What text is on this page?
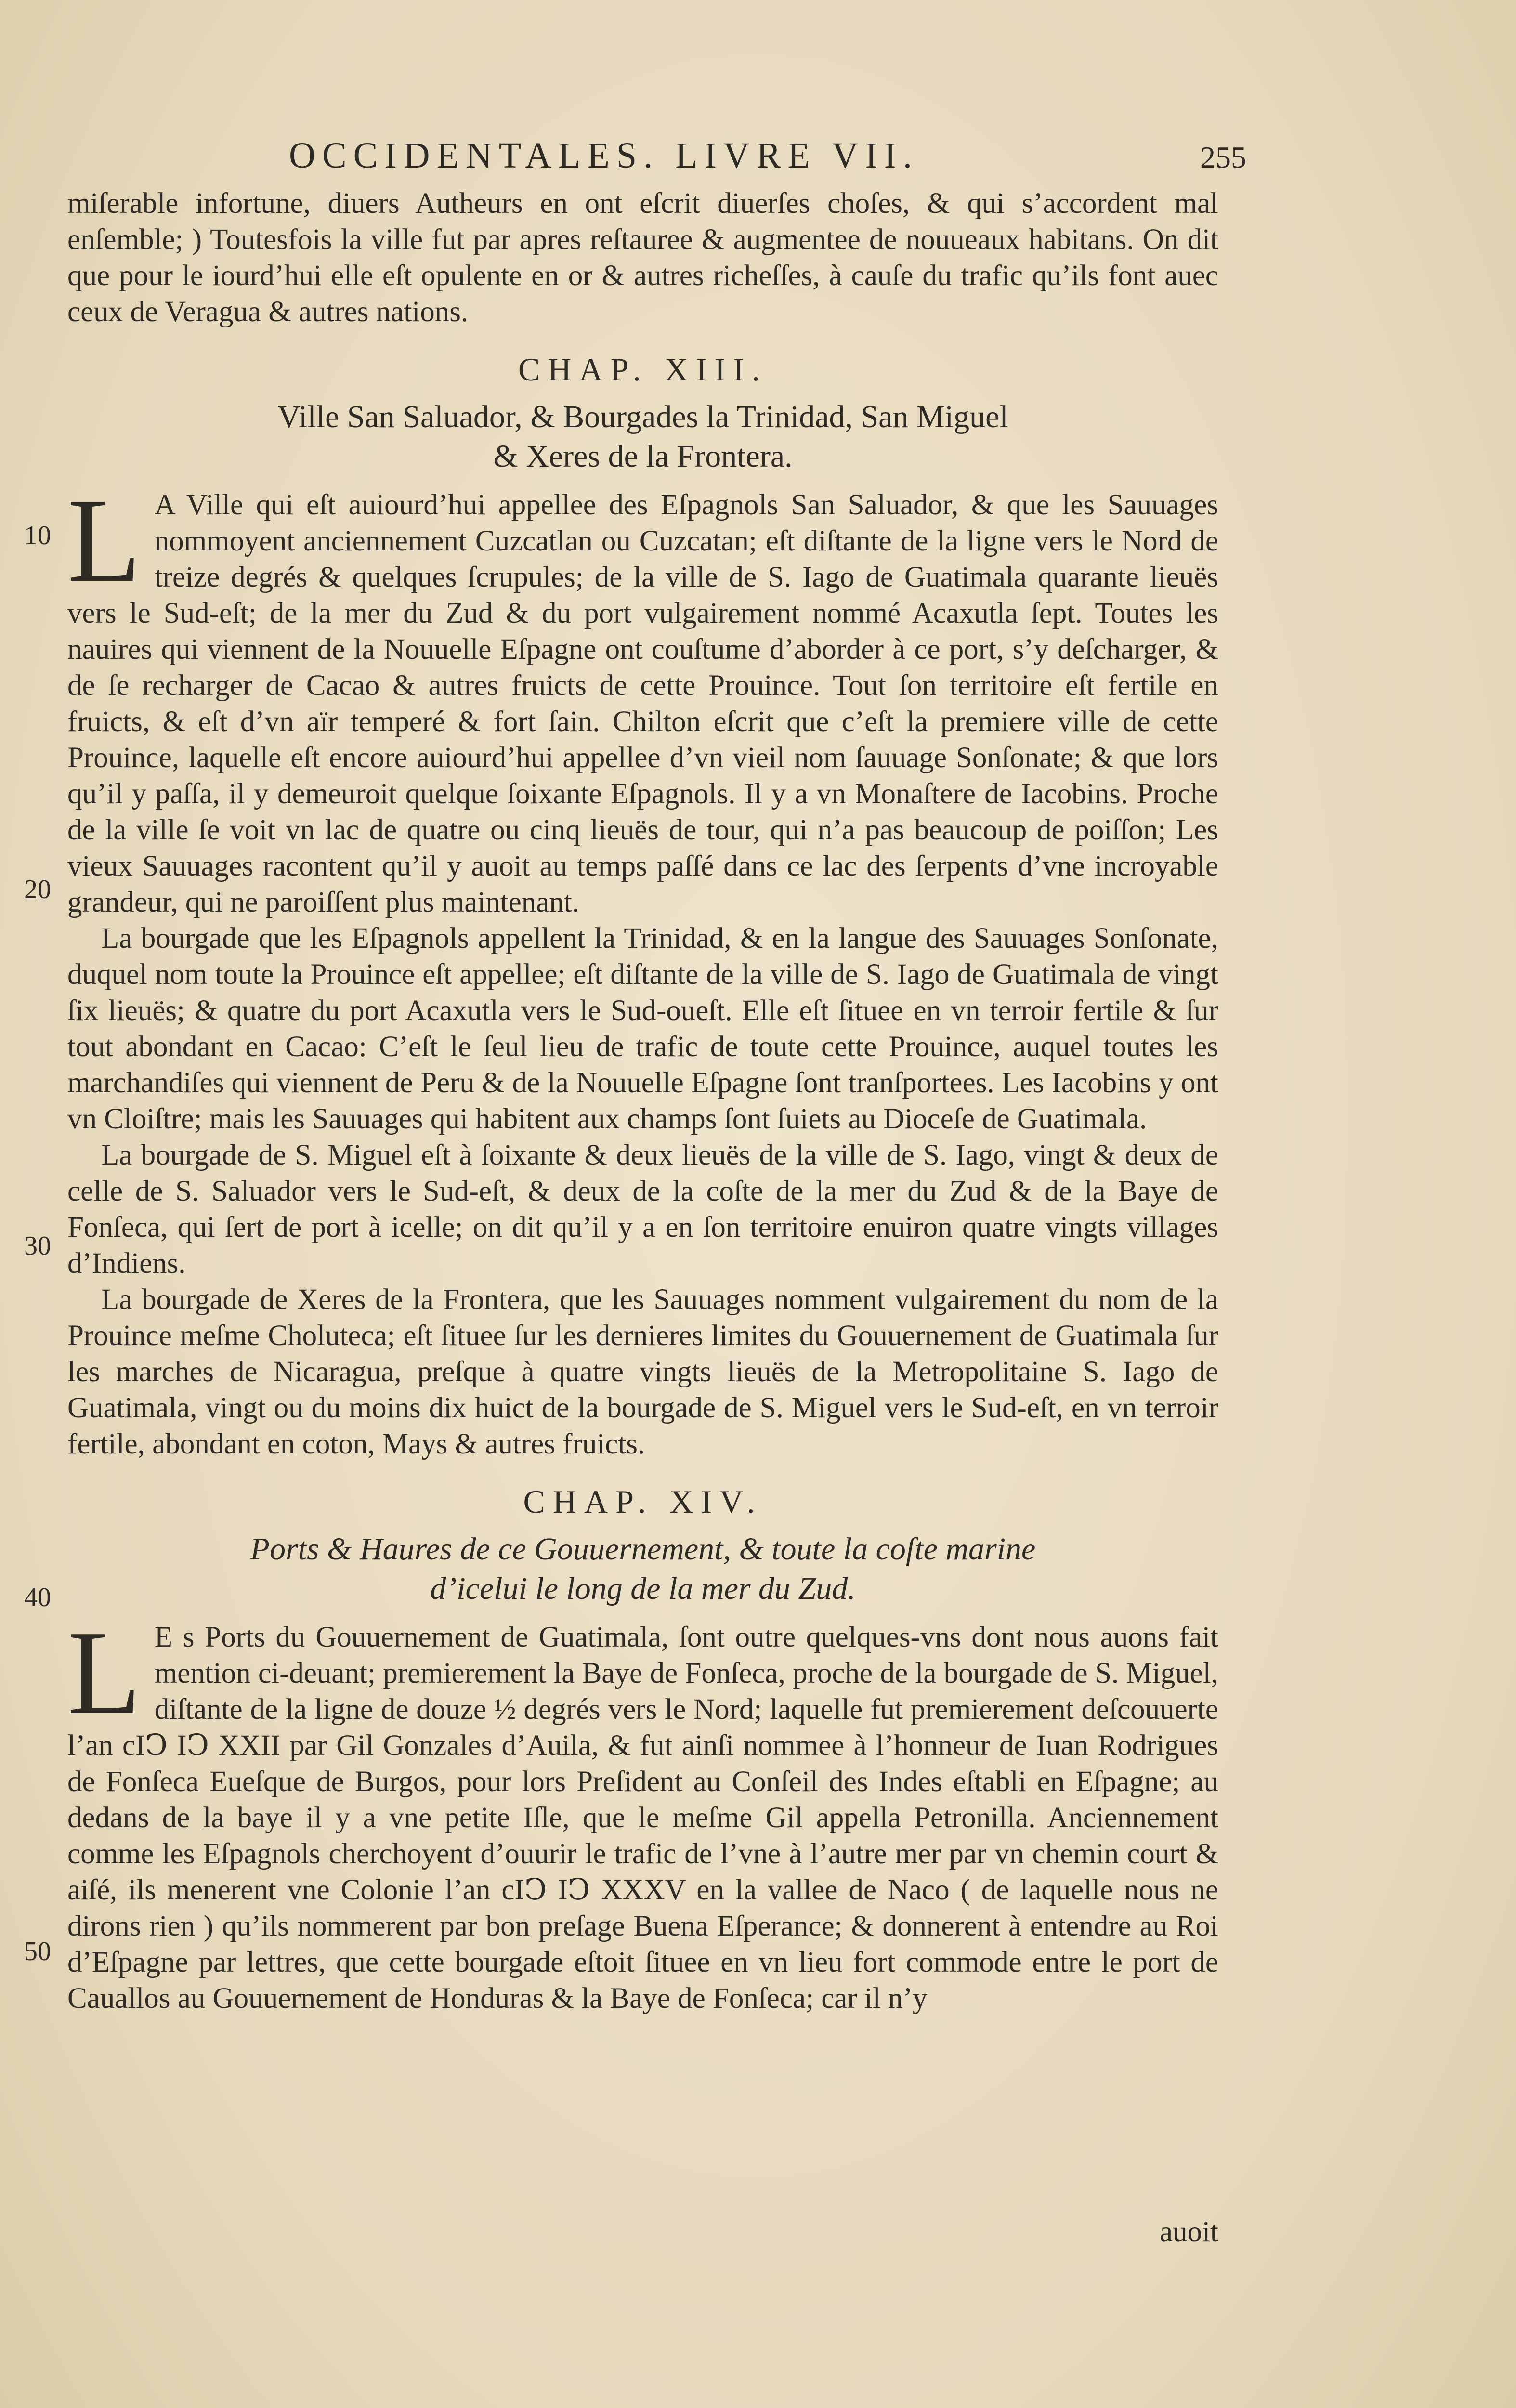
OCCIDENTALES. LIVRE VII.	255
10
20
30
40
50

miſerable infortune, diuers Autheurs en ont eſcrit diuerſes choſes, & qui s’accordent mal enſemble; ) Toutesfois la ville fut par apres reſtauree & augmentee de nouueaux habitans. On dit que pour le iourd’hui elle eſt opulente en or & autres richeſſes, à cauſe du trafic qu’ils font auec ceux de Veragua & autres nations.

CHAP. XIII.
Ville San Saluador, & Bourgades la Trinidad, San Miguel
& Xeres de la Frontera.
L A Ville qui eſt auiourd’hui appellee des Eſpagnols San Saluador, & que les Sauuages nommoyent anciennement Cuzcatlan ou Cuzcatan; eſt diſtante de la ligne vers le Nord de treize degrés & quelques ſcrupules; de la ville de S. Iago de Guatimala quarante lieuës vers le Sud-eſt; de la mer du Zud & du port vulgairement nommé Acaxutla ſept. Toutes les nauires qui viennent de la Nouuelle Eſpagne ont couſtume d’aborder à ce port, s’y deſcharger, & de ſe recharger de Cacao & autres fruicts de cette Prouince. Tout ſon territoire eſt fertile en fruicts, & eſt d’vn aïr temperé & fort ſain. Chilton eſcrit que c’eſt la premiere ville de cette Prouince, laquelle eſt encore auiourd’hui appellee d’vn vieil nom ſauuage Sonſonate; & que lors qu’il y paſſa, il y demeuroit quelque ſoixante Eſpagnols. Il y a vn Monaſtere de Iacobins. Proche de la ville ſe voit vn lac de quatre ou cinq lieuës de tour, qui n’a pas beaucoup de poiſſon; Les vieux Sauuages racontent qu’il y auoit au temps paſſé dans ce lac des ſerpents d’vne incroyable grandeur, qui ne paroiſſent plus maintenant.

La bourgade que les Eſpagnols appellent la Trinidad, & en la langue des Sauuages Sonſonate, duquel nom toute la Prouince eſt appellee; eſt diſtante de la ville de S. Iago de Guatimala de vingt ſix lieuës; & quatre du port Acaxutla vers le Sud-oueſt. Elle eſt ſituee en vn terroir fertile & ſur tout abondant en Cacao: C’eſt le ſeul lieu de trafic de toute cette Prouince, auquel toutes les marchandiſes qui viennent de Peru & de la Nouuelle Eſpagne ſont tranſportees. Les Iacobins y ont vn Cloiſtre; mais les Sauuages qui habitent aux champs ſont ſuiets au Dioceſe de Guatimala.

La bourgade de S. Miguel eſt à ſoixante & deux lieuës de la ville de S. Iago, vingt & deux de celle de S. Saluador vers le Sud-eſt, & deux de la coſte de la mer du Zud & de la Baye de Fonſeca, qui ſert de port à icelle; on dit qu’il y a en ſon territoire enuiron quatre vingts villages d’Indiens.

La bourgade de Xeres de la Frontera, que les Sauuages nomment vulgairement du nom de la Prouince meſme Choluteca; eſt ſituee ſur les dernieres limites du Gouuernement de Guatimala ſur les marches de Nicaragua, preſque à quatre vingts lieuës de la Metropolitaine S. Iago de Guatimala, vingt ou du moins dix huict de la bourgade de S. Miguel vers le Sud-eſt, en vn terroir fertile, abondant en coton, Mays & autres fruicts.

CHAP. XIV.
Ports & Haures de ce Gouuernement, & toute la coſte marine
d’icelui le long de la mer du Zud.
L E s Ports du Gouuernement de Guatimala, ſont outre quelques-vns dont nous auons fait mention ci-deuant; premierement la Baye de Fonſeca, proche de la bourgade de S. Miguel, diſtante de la ligne de douze ½ degrés vers le Nord; laquelle fut premierement deſcouuerte l’an cIↃ IↃ XXII par Gil Gonzales d’Auila, & fut ainſi nommee à l’honneur de Iuan Rodrigues de Fonſeca Eueſque de Burgos, pour lors Preſident au Conſeil des Indes eſtabli en Eſpagne; au dedans de la baye il y a vne petite Iſle, que le meſme Gil appella Petronilla. Anciennement comme les Eſpagnols cherchoyent d’ouurir le trafic de l’vne à l’autre mer par vn chemin court & aiſé, ils menerent vne Colonie l’an cIↃ IↃ XXXV en la vallee de Naco ( de laquelle nous ne dirons rien ) qu’ils nommerent par bon preſage Buena Eſperance; & donnerent à entendre au Roi d’Eſpagne par lettres, que cette bourgade eſtoit ſituee en vn lieu fort commode entre le port de Cauallos au Gouuernement de Honduras & la Baye de Fonſeca; car il n’y

auoit
